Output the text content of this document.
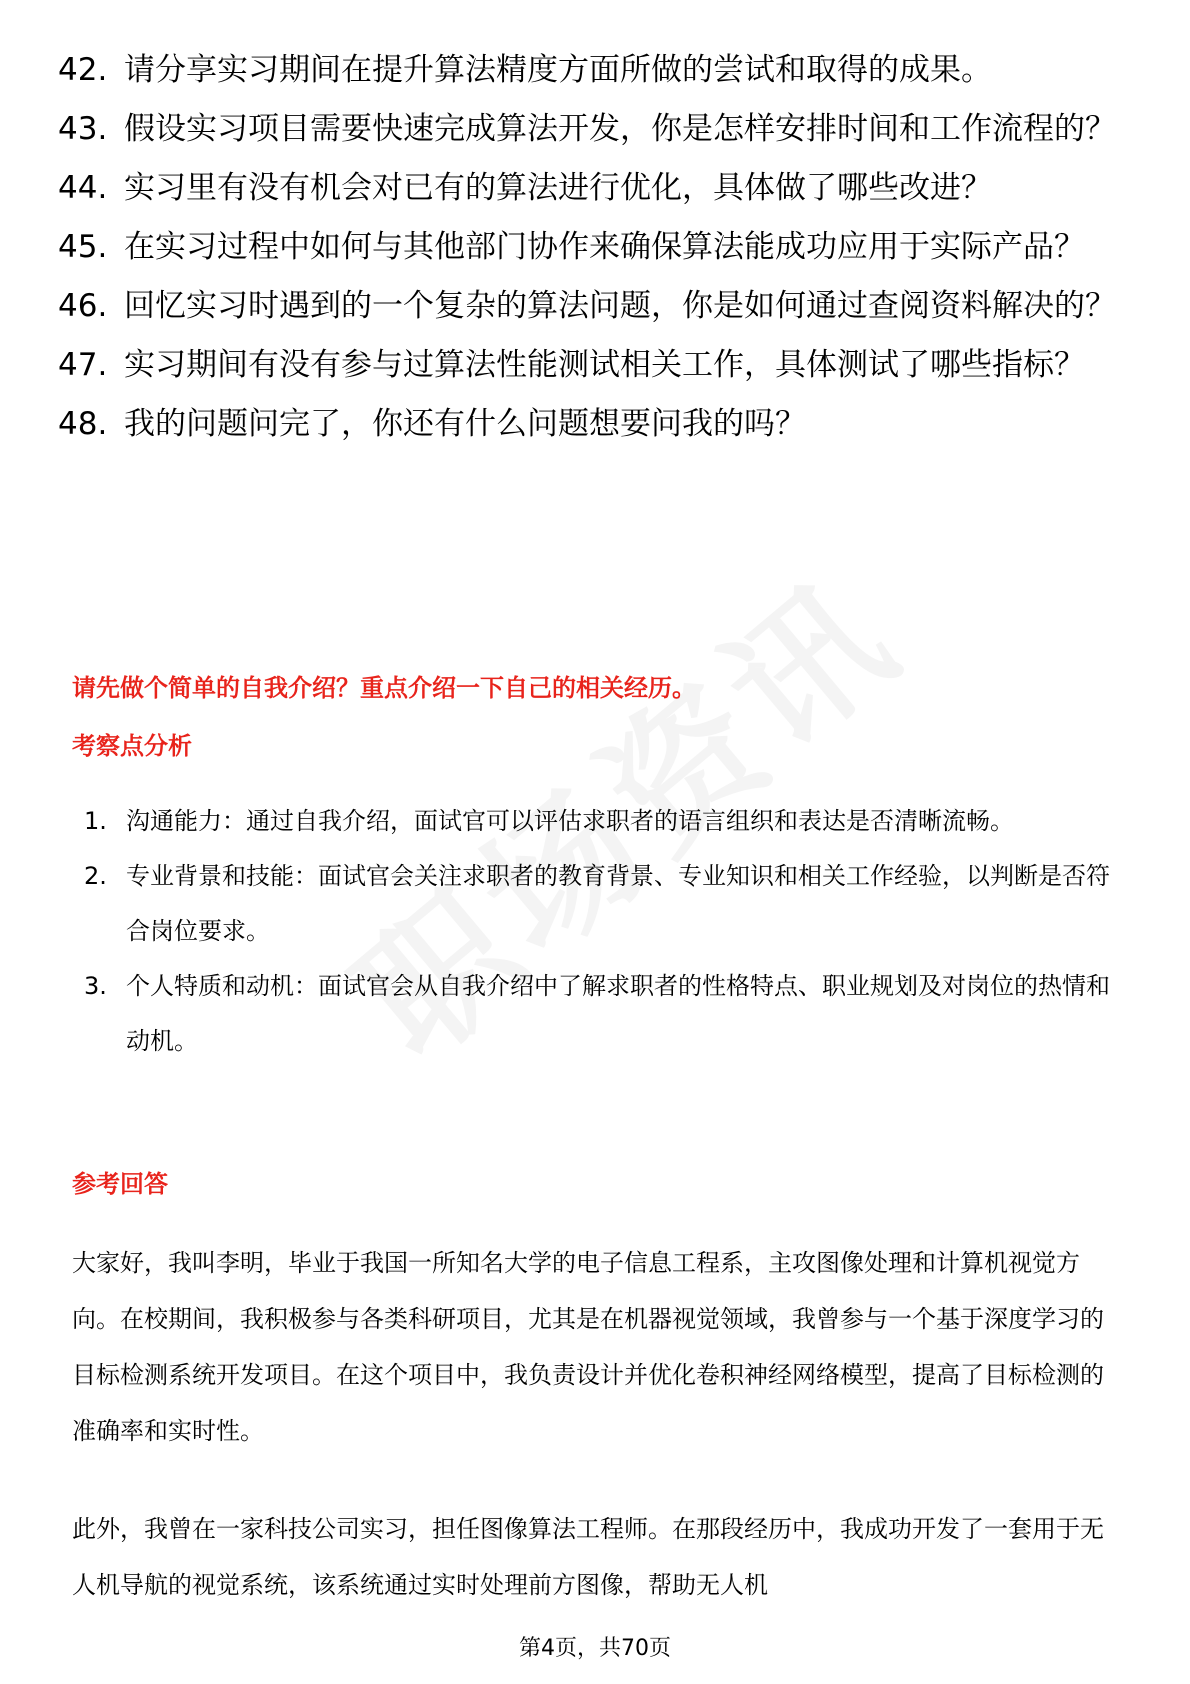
42. 请分享实习期间在提升算法精度方面所做的尝试和取得的成果。
43. 假设实习项目需要快速完成算法开发，你是怎样安排时间和工作流程的？
44. 实习里有没有机会对已有的算法进行优化，具体做了哪些改进？
45. 在实习过程中如何与其他部门协作来确保算法能成功应用于实际产品？
46. 回忆实习时遇到的一个复杂的算法问题，你是如何通过查阅资料解决的？
47. 实习期间有没有参与过算法性能测试相关工作，具体测试了哪些指标？
48. 我的问题问完了，你还有什么问题想要问我的吗？
请先做个简单的自我介绍？重点介绍一下自己的相关经历。
考察点分析
1. 沟通能力：通过自我介绍，面试官可以评估求职者的语言组织和表达是否清晰流畅。
2. 专业背景和技能：面试官会关注求职者的教育背景、专业知识和相关工作经验，以判断是否符合岗位要求。
3. 个人特质和动机：面试官会从自我介绍中了解求职者的性格特点、职业规划及对岗位的热情和动机。
参考回答
大家好，我叫李明，毕业于我国一所知名大学的电子信息工程系，主攻图像处理和计算机视觉方向。在校期间，我积极参与各类科研项目，尤其是在机器视觉领域，我曾参与一个基于深度学习的目标检测系统开发项目。在这个项目中，我负责设计并优化卷积神经网络模型，提高了目标检测的准确率和实时性。
此外，我曾在一家科技公司实习，担任图像算法工程师。在那段经历中，我成功开发了一套用于无人机导航的视觉系统，该系统通过实时处理前方图像，帮助无人机
第4页，共70页
